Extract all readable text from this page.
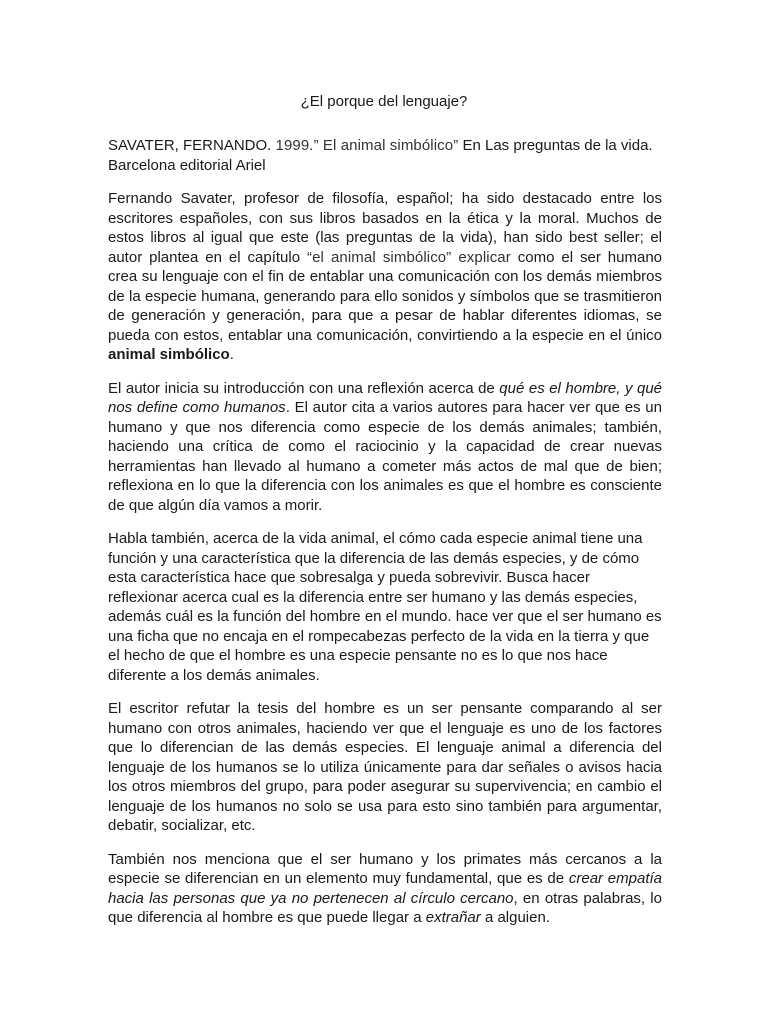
¿El porque del lenguaje?

SAVATER, FERNANDO. 1999.” El animal simbólico” En Las preguntas de la vida. Barcelona editorial Ariel

Fernando Savater, profesor de filosofía, español; ha sido destacado entre los escritores españoles, con sus libros basados en la ética y la moral. Muchos de estos libros al igual que este (las preguntas de la vida), han sido best seller; el autor plantea en el capítulo “el animal simbólico” explicar como el ser humano crea su lenguaje con el fin de entablar una comunicación con los demás miembros de la especie humana, generando para ello sonidos y símbolos que se trasmitieron de generación y generación, para que a pesar de hablar diferentes idiomas, se pueda con estos, entablar una comunicación, convirtiendo a la especie en el único animal simbólico.

El autor inicia su introducción con una reflexión acerca de qué es el hombre, y qué nos define como humanos. El autor cita a varios autores para hacer ver que es un humano y que nos diferencia como especie de los demás animales; también, haciendo una crítica de como el raciocinio y la capacidad de crear nuevas herramientas han llevado al humano a cometer más actos de mal que de bien; reflexiona en lo que la diferencia con los animales es que el hombre es consciente de que algún día vamos a morir.

Habla también, acerca de la vida animal, el cómo cada especie animal tiene una función y una característica que la diferencia de las demás especies, y de cómo esta característica hace que sobresalga y pueda sobrevivir. Busca hacer reflexionar acerca cual es la diferencia entre ser humano y las demás especies, además cuál es la función del hombre en el mundo. hace ver que el ser humano es una ficha que no encaja en el rompecabezas perfecto de la vida en la tierra y que el hecho de que el hombre es una especie pensante no es lo que nos hace diferente a los demás animales.

El escritor refutar la tesis del hombre es un ser pensante comparando al ser humano con otros animales, haciendo ver que el lenguaje es uno de los factores que lo diferencian de las demás especies. El lenguaje animal a diferencia del lenguaje de los humanos se lo utiliza únicamente para dar señales o avisos hacia los otros miembros del grupo, para poder asegurar su supervivencia; en cambio el lenguaje de los humanos no solo se usa para esto sino también para argumentar, debatir, socializar, etc.

También nos menciona que el ser humano y los primates más cercanos a la especie se diferencian en un elemento muy fundamental, que es de crear empatía hacia las personas que ya no pertenecen al círculo cercano, en otras palabras, lo que diferencia al hombre es que puede llegar a extrañar a alguien.
